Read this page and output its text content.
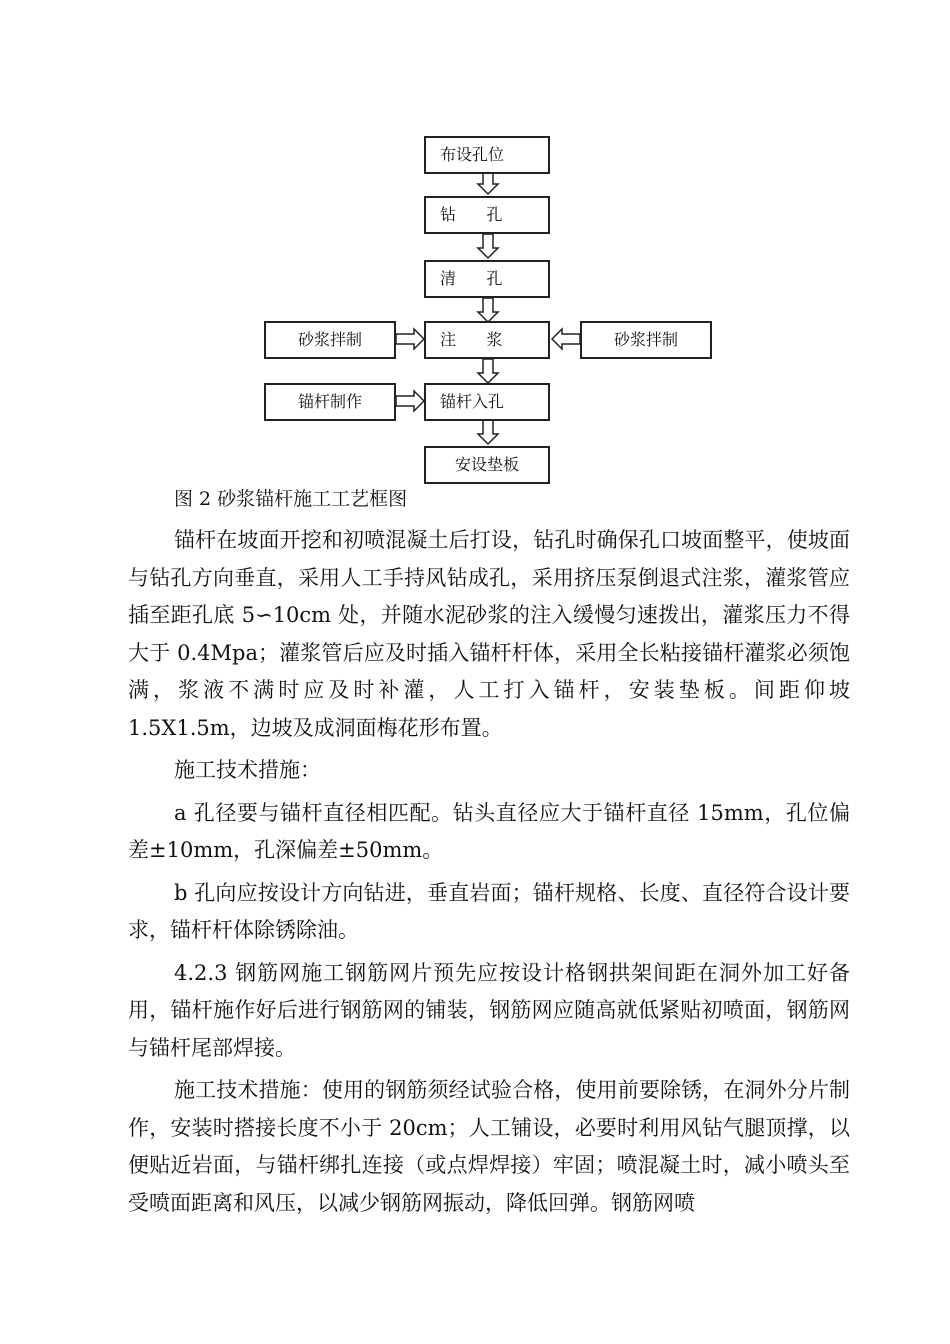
布设孔位
钻      孔
清      孔
注      浆
锚杆入孔
安设垫板
砂浆拌制
锚杆制作
砂浆拌制
图 2 砂浆锚杆施工工艺框图

锚杆在坡面开挖和初喷混凝土后打设，钻孔时确保孔口坡面整平，使坡面与钻孔方向垂直，采用人工手持风钻成孔，采用挤压泵倒退式注浆，灌浆管应插至距孔底 5∽10cm 处，并随水泥砂浆的注入缓慢匀速拨出，灌浆压力不得大于 0.4Mpa；灌浆管后应及时插入锚杆杆体，采用全长粘接锚杆灌浆必须饱满，浆液不满时应及时补灌，人工打入锚杆，安装垫板。间距仰坡 1.5X1.5m，边坡及成洞面梅花形布置。

施工技术措施：

a 孔径要与锚杆直径相匹配。钻头直径应大于锚杆直径 15mm，孔位偏差±10mm，孔深偏差±50mm。

b 孔向应按设计方向钻进，垂直岩面；锚杆规格、长度、直径符合设计要求，锚杆杆体除锈除油。

4.2.3 钢筋网施工钢筋网片预先应按设计格钢拱架间距在洞外加工好备用，锚杆施作好后进行钢筋网的铺装，钢筋网应随高就低紧贴初喷面，钢筋网与锚杆尾部焊接。

施工技术措施：使用的钢筋须经试验合格，使用前要除锈，在洞外分片制作，安装时搭接长度不小于 20cm；人工铺设，必要时利用风钻气腿顶撑，以便贴近岩面，与锚杆绑扎连接（或点焊焊接）牢固；喷混凝土时，减小喷头至受喷面距离和风压，以减少钢筋网振动，降低回弹。钢筋网喷
